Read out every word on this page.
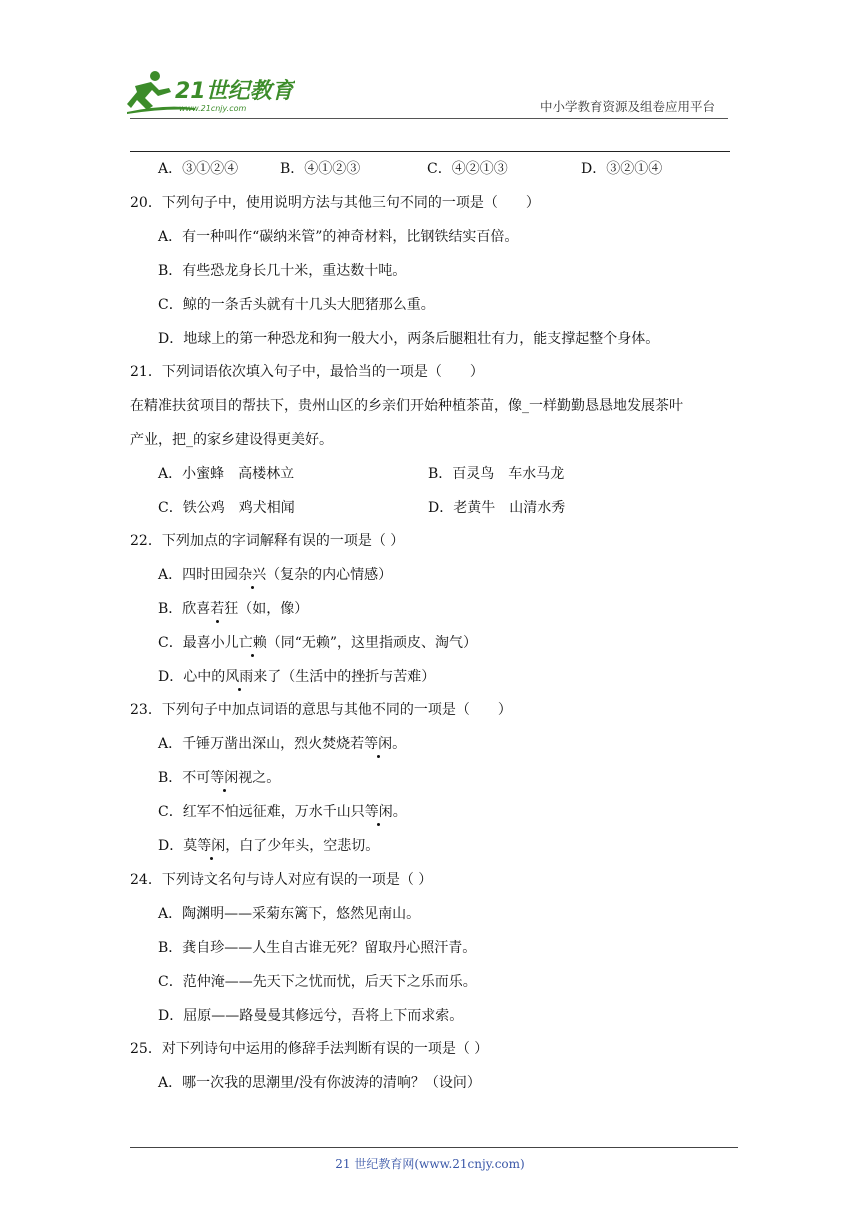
21世纪教育
www.21cnjy.com	中小学教育资源及组卷应用平台
A．③①②④	B．④①②③	C．④②①③	D．③②①④
20．下列句子中，使用说明方法与其他三句不同的一项是（　　）
A．有一种叫作“碳纳米管”的神奇材料，比钢铁结实百倍。
B．有些恐龙身长几十米，重达数十吨。
C．鲸的一条舌头就有十几头大肥猪那么重。
D．地球上的第一种恐龙和狗一般大小，两条后腿粗壮有力，能支撑起整个身体。
21．下列词语依次填入句子中，最恰当的一项是（　　）
在精准扶贫项目的帮扶下，贵州山区的乡亲们开始种植茶苗，像_一样勤勤恳恳地发展茶叶
产业，把_的家乡建设得更美好。
A．小蜜蜂　高楼林立	B．百灵鸟　车水马龙
C．铁公鸡　鸡犬相闻	D．老黄牛　山清水秀
22．下列加点的字词解释有误的一项是（ ）
A．四时田园杂兴（复杂的内心情感）
B．欣喜若狂（如，像）
C．最喜小儿亡赖（同“无赖”，这里指顽皮、淘气）
D．心中的风雨来了（生活中的挫折与苦难）
23．下列句子中加点词语的意思与其他不同的一项是（　　）
A．千锤万凿出深山，烈火焚烧若等闲。
B．不可等闲视之。
C．红军不怕远征难，万水千山只等闲。
D．莫等闲，白了少年头，空悲切。
24．下列诗文名句与诗人对应有误的一项是（ ）
A．陶渊明——采菊东篱下，悠然见南山。
B．龚自珍——人生自古谁无死？留取丹心照汗青。
C．范仲淹——先天下之忧而忧，后天下之乐而乐。
D．屈原——路曼曼其修远兮，吾将上下而求索。
25．对下列诗句中运用的修辞手法判断有误的一项是（ ）
A．哪一次我的思潮里/没有你波涛的清响？（设问）
21 世纪教育网(www.21cnjy.com)
